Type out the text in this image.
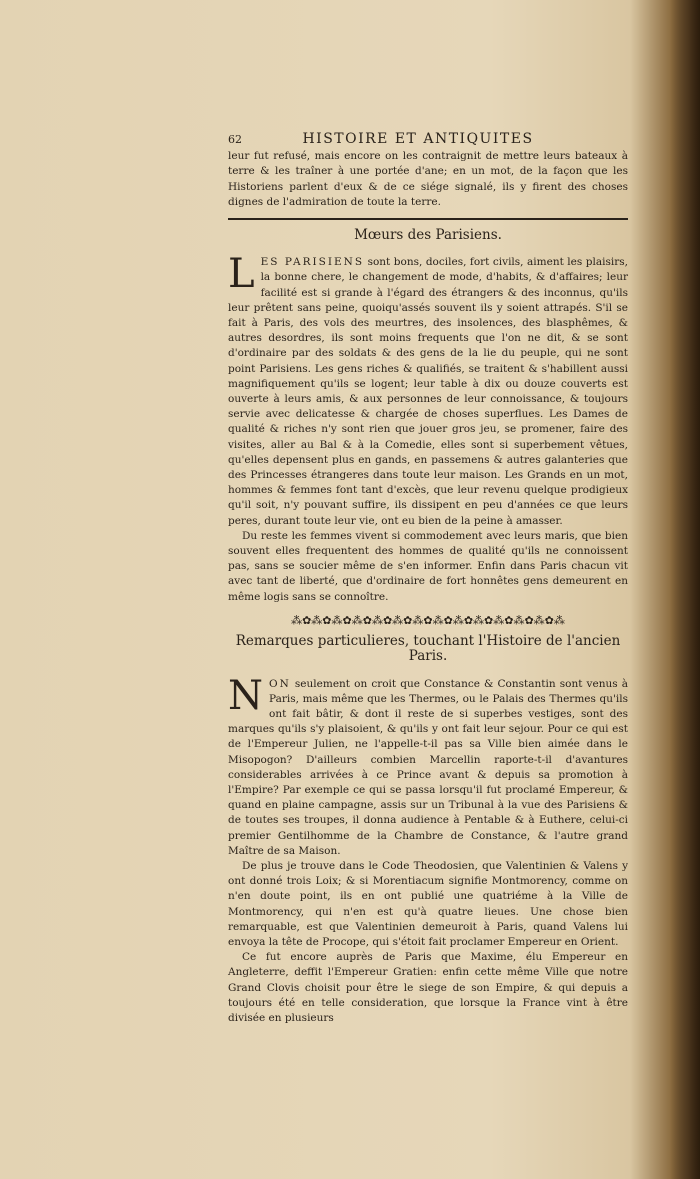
62	HISTOIRE ET ANTIQUITES

leur fut refusé, mais encore on les contraignit de mettre leurs bateaux à terre & les traîner à une portée d'ane; en un mot, de la façon que les Historiens parlent d'eux & de ce siége signalé, ils y firent des choses dignes de l'admiration de toute la terre.

Mœurs des Parisiens.

LES PARISIENS sont bons, dociles, fort civils, aiment les plaisirs, la bonne chere, le changement de mode, d'habits, & d'affaires; leur facilité est si grande à l'égard des étrangers & des inconnus, qu'ils leur prêtent sans peine, quoiqu'assés souvent ils y soient attrapés. S'il se fait à Paris, des vols des meurtres, des insolences, des blasphêmes, & autres desordres, ils sont moins frequents que l'on ne dit, & se sont d'ordinaire par des soldats & des gens de la lie du peuple, qui ne sont point Parisiens. Les gens riches & qualifiés, se traitent & s'habillent aussi magnifiquement qu'ils se logent; leur table à dix ou douze couverts est ouverte à leurs amis, & aux personnes de leur connoissance, & toujours servie avec delicatesse & chargée de choses superflues. Les Dames de qualité & riches n'y sont rien que jouer gros jeu, se promener, faire des visites, aller au Bal & à la Comedie, elles sont si superbement vêtues, qu'elles depensent plus en gands, en passemens & autres galanteries que des Princesses étrangeres dans toute leur maison. Les Grands en un mot, hommes & femmes font tant d'excès, que leur revenu quelque prodigieux qu'il soit, n'y pouvant suffire, ils dissipent en peu d'années ce que leurs peres, durant toute leur vie, ont eu bien de la peine à amasser.

Du reste les femmes vivent si commodement avec leurs maris, que bien souvent elles frequentent des hommes de qualité qu'ils ne connoissent pas, sans se soucier même de s'en informer. Enfin dans Paris chacun vit avec tant de liberté, que d'ordinaire de fort honnêtes gens demeurent en même logis sans se connoître.

⁂✿⁂✿⁂✿⁂✿⁂✿⁂✿⁂✿⁂✿⁂✿⁂✿⁂✿⁂✿⁂✿⁂
Remarques particulieres, touchant l'Histoire de l'ancien Paris.

NON seulement on croit que Constance & Constantin sont venus à Paris, mais même que les Thermes, ou le Palais des Thermes qu'ils ont fait bâtir, & dont il reste de si superbes vestiges, sont des marques qu'ils s'y plaisoient, & qu'ils y ont fait leur sejour. Pour ce qui est de l'Empereur Julien, ne l'appelle-t-il pas sa Ville bien aimée dans le Misopogon? D'ailleurs combien Marcellin raporte-t-il d'avantures considerables arrivées à ce Prince avant & depuis sa promotion à l'Empire? Par exemple ce qui se passa lorsqu'il fut proclamé Empereur, & quand en plaine campagne, assis sur un Tribunal à la vue des Parisiens & de toutes ses troupes, il donna audience à Pentable & à Euthere, celui-ci premier Gentilhomme de la Chambre de Constance, & l'autre grand Maître de sa Maison.

De plus je trouve dans le Code Theodosien, que Valentinien & Valens y ont donné trois Loix; & si Morentiacum signifie Montmorency, comme on n'en doute point, ils en ont publié une quatriéme à la Ville de Montmorency, qui n'en est qu'à quatre lieues. Une chose bien remarquable, est que Valentinien demeuroit à Paris, quand Valens lui envoya la tête de Procope, qui s'étoit fait proclamer Empereur en Orient.

Ce fut encore auprès de Paris que Maxime, élu Empereur en Angleterre, deffit l'Empereur Gratien: enfin cette même Ville que notre Grand Clovis choisit pour être le siege de son Empire, & qui depuis a toujours été en telle consideration, que lorsque la France vint à être divisée en plusieurs
